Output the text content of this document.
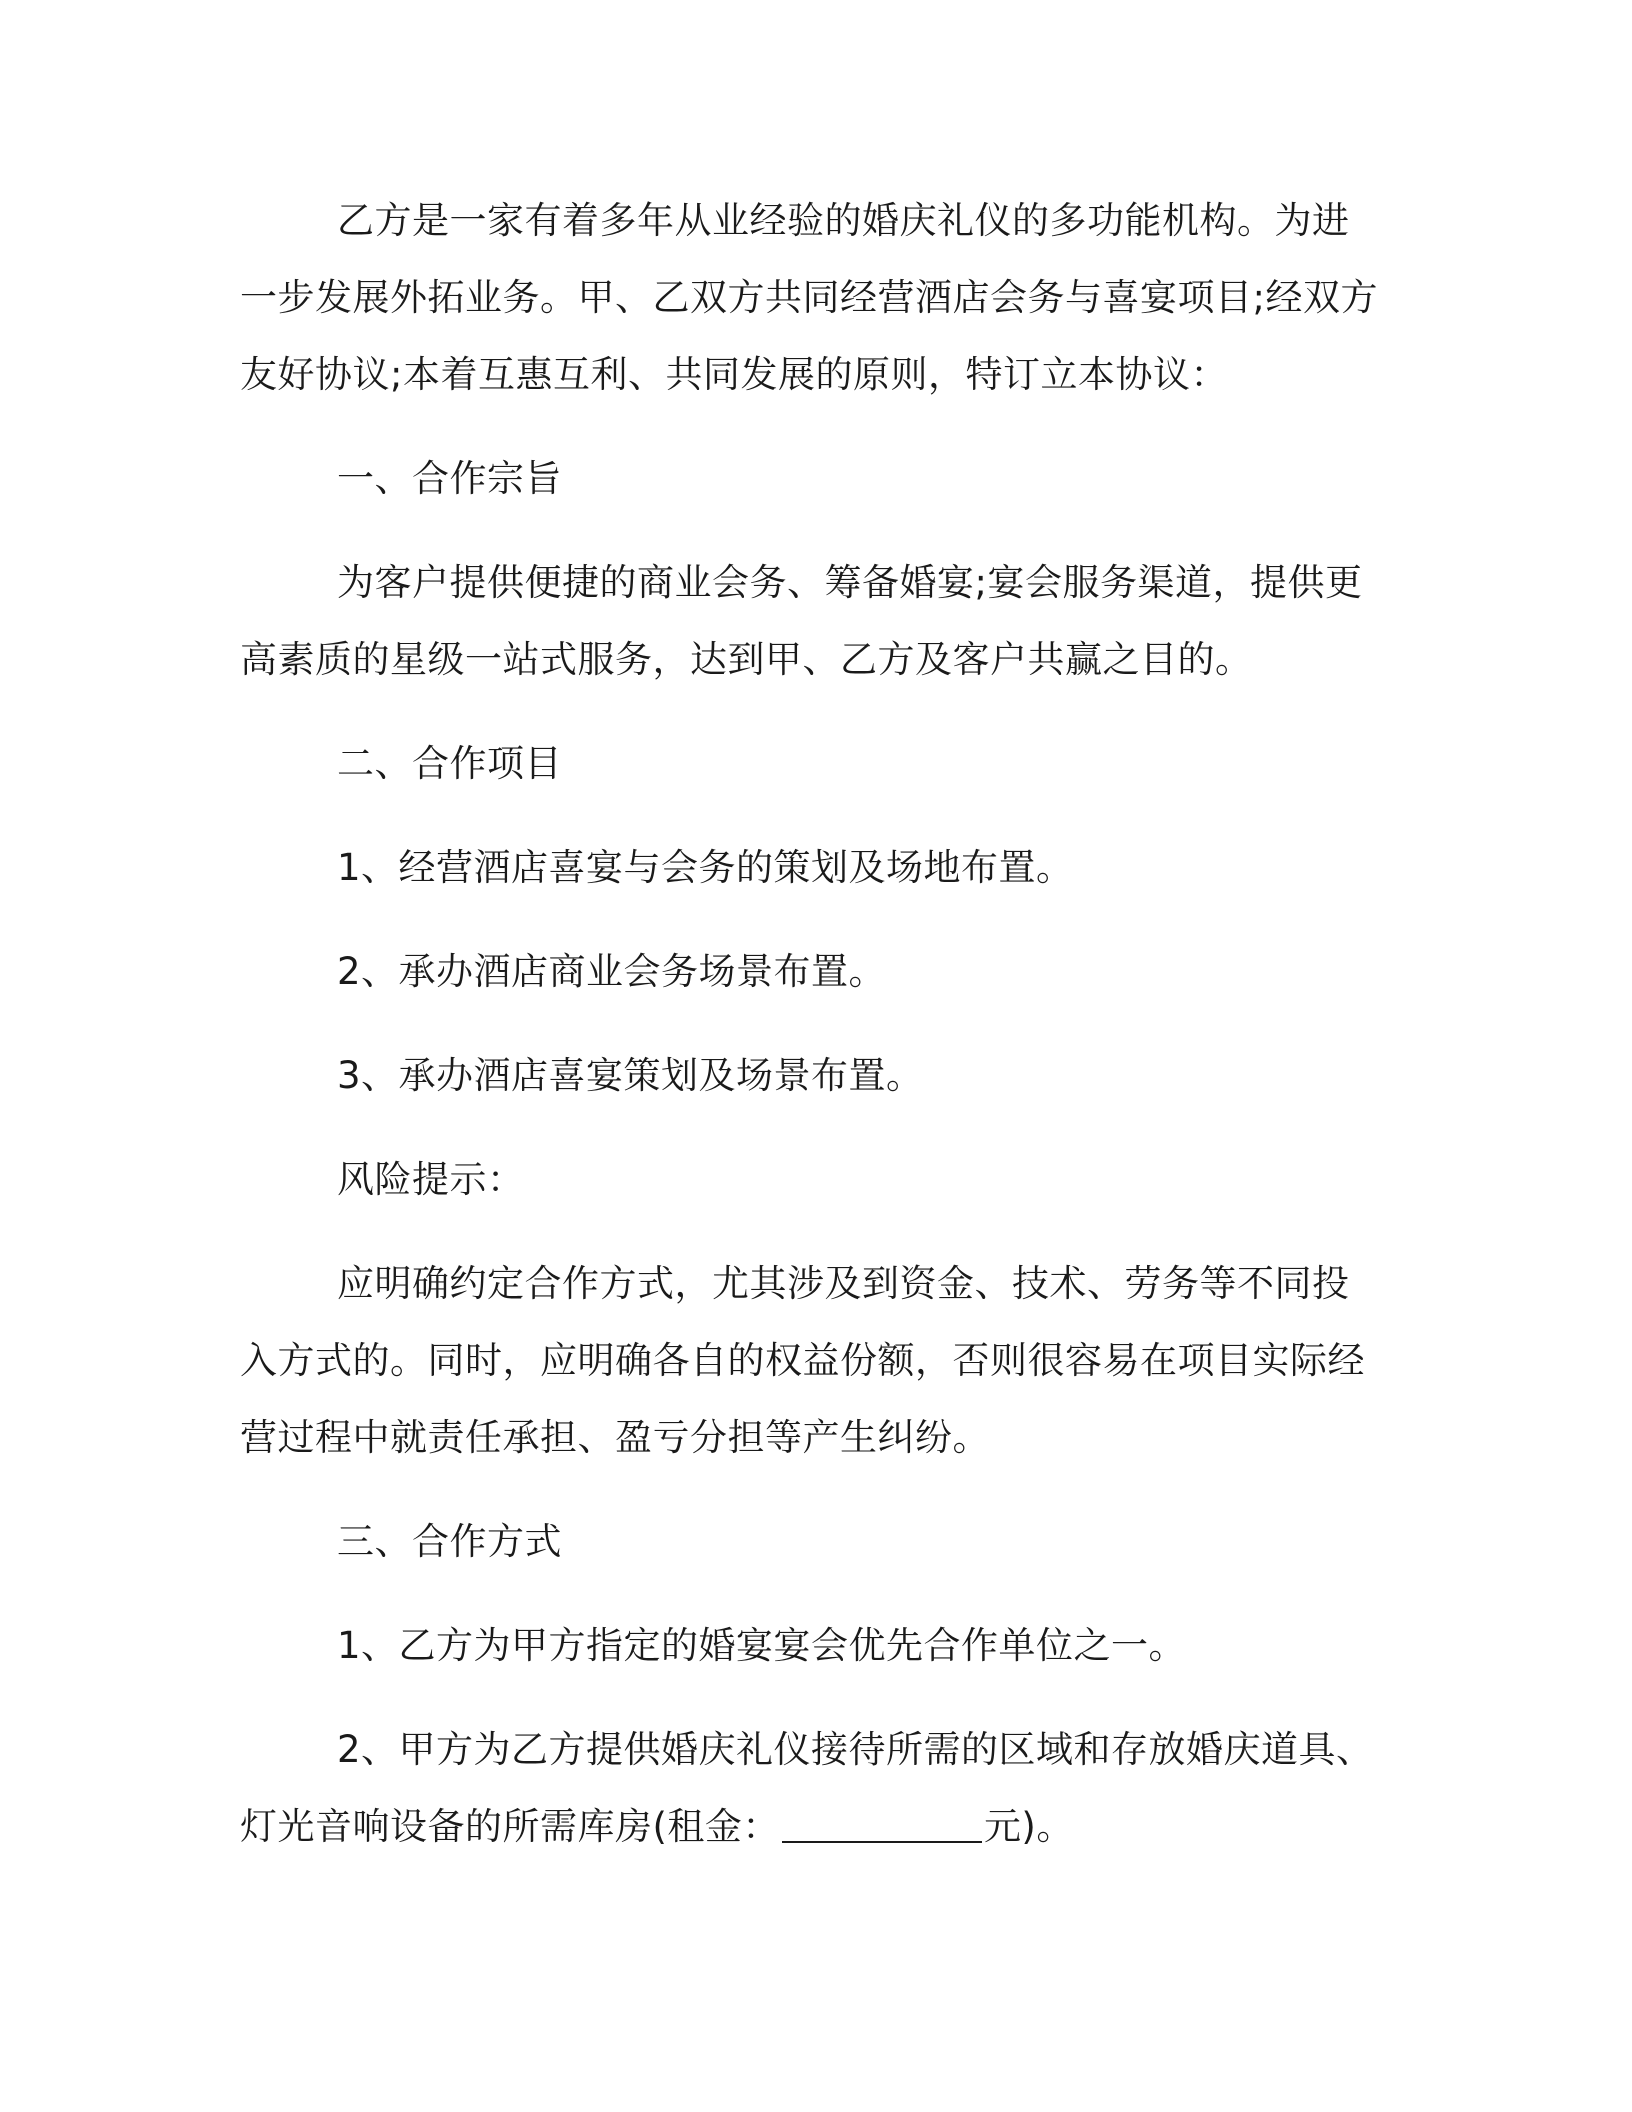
乙方是一家有着多年从业经验的婚庆礼仪的多功能机构。为进一步发展外拓业务。甲、乙双方共同经营酒店会务与喜宴项目;经双方友好协议;本着互惠互利、共同发展的原则，特订立本协议：

一、合作宗旨

为客户提供便捷的商业会务、筹备婚宴;宴会服务渠道，提供更高素质的星级一站式服务，达到甲、乙方及客户共赢之目的。

二、合作项目

1、经营酒店喜宴与会务的策划及场地布置。

2、承办酒店商业会务场景布置。

3、承办酒店喜宴策划及场景布置。

风险提示：

应明确约定合作方式，尤其涉及到资金、技术、劳务等不同投入方式的。同时，应明确各自的权益份额，否则很容易在项目实际经营过程中就责任承担、盈亏分担等产生纠纷。

三、合作方式

1、乙方为甲方指定的婚宴宴会优先合作单位之一。

2、甲方为乙方提供婚庆礼仪接待所需的区域和存放婚庆道具、灯光音响设备的所需库房(租金：	元)。
